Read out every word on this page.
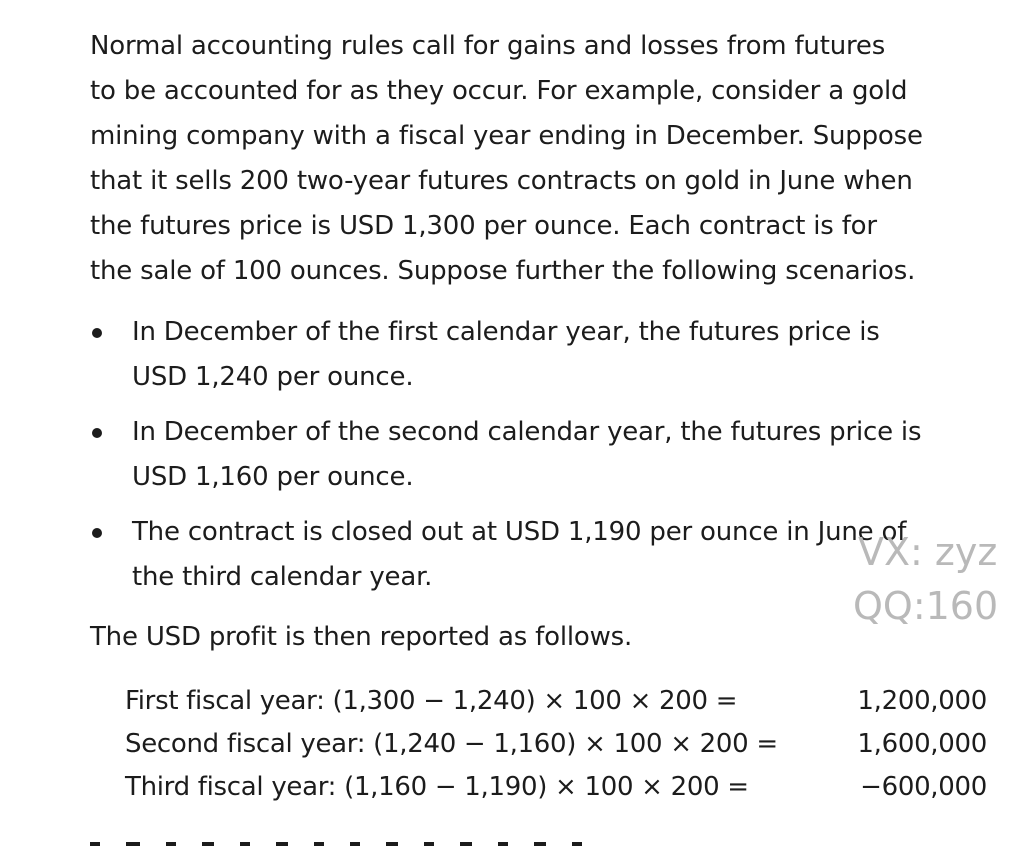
Normal accounting rules call for gains and losses from futures
to be accounted for as they occur. For example, consider a gold
mining company with a fiscal year ending in December. Suppose
that it sells 200 two-year futures contracts on gold in June when
the futures price is USD 1,300 per ounce. Each contract is for
the sale of 100 ounces. Suppose further the following scenarios.

In December of the first calendar year, the futures price is
USD 1,240 per ounce.
In December of the second calendar year, the futures price is
USD 1,160 per ounce.
The contract is closed out at USD 1,190 per ounce in June of
the third calendar year.

The USD profit is then reported as follows.

First fiscal year: (1,300 − 1,240) × 100 × 200 =	1,200,000
Second fiscal year: (1,240 − 1,160) × 100 × 200 =	1,600,000
Third fiscal year: (1,160 − 1,190) × 100 × 200 =	−600,000
VX: zyz
QQ:160
